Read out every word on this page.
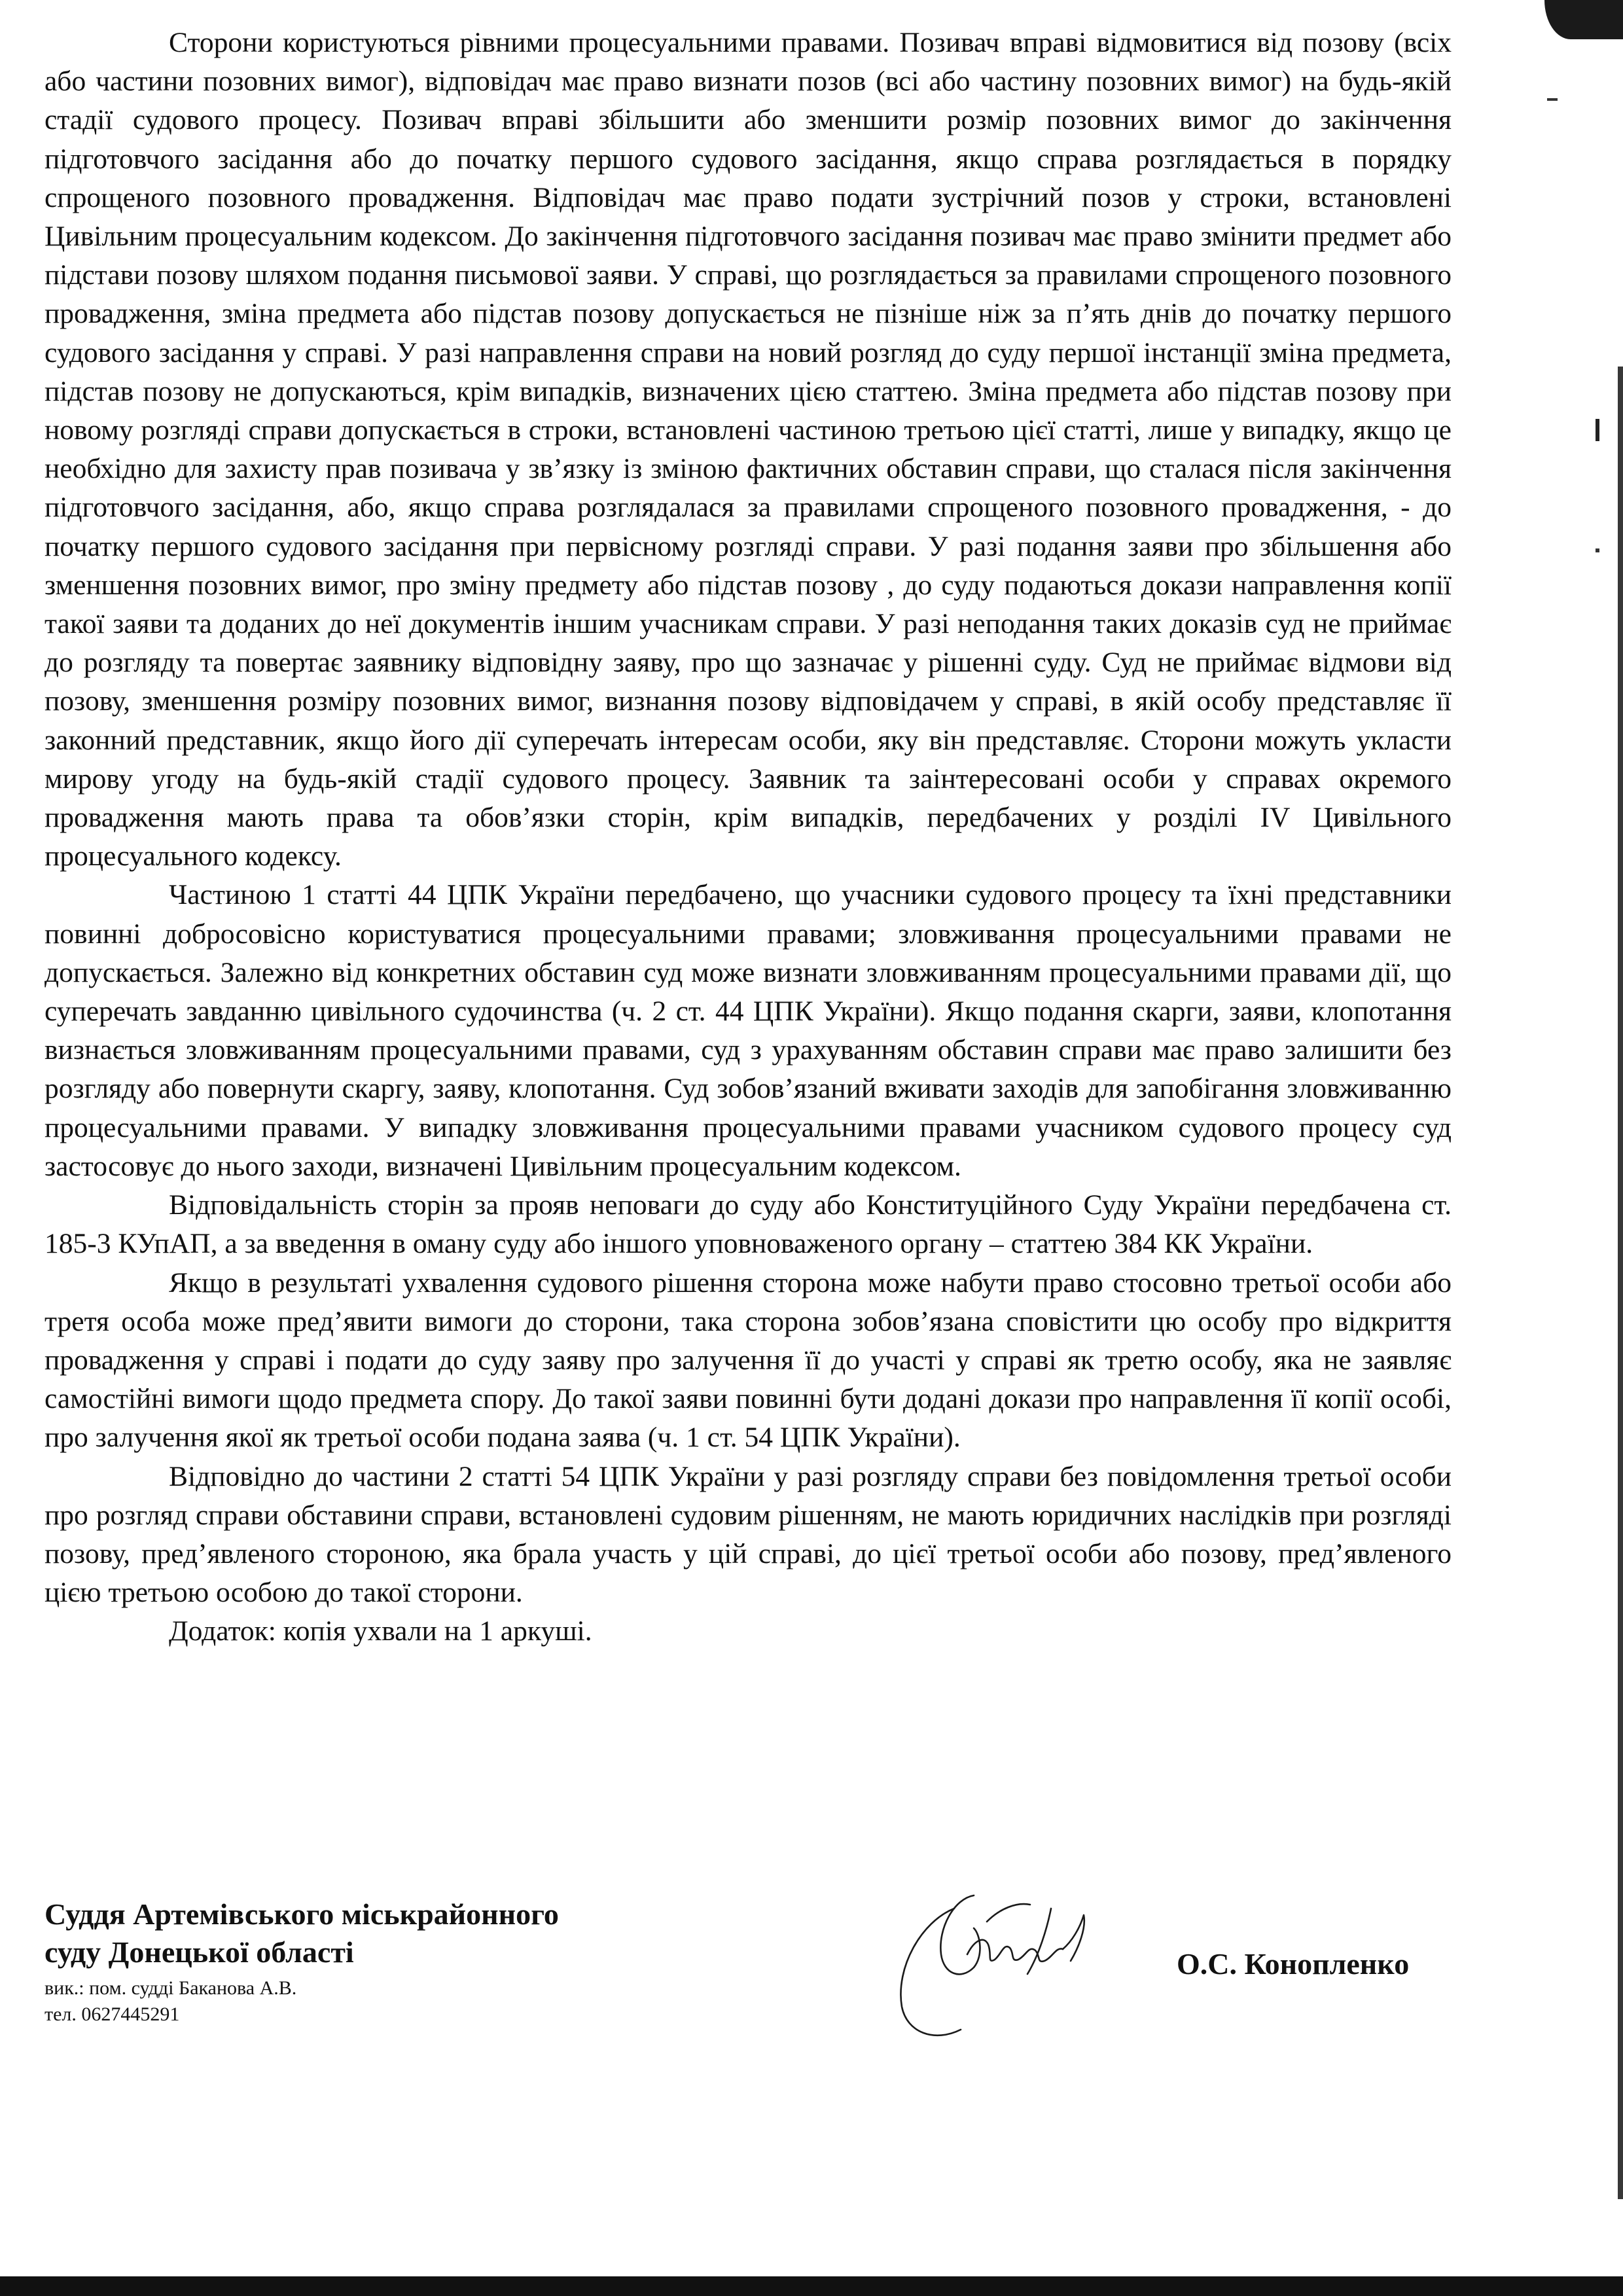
Сторони користуються рівними процесуальними правами. Позивач вправі відмовитися від позову (всіх або частини позовних вимог), відповідач має право визнати позов (всі або частину позовних вимог) на будь-якій стадії судового процесу. Позивач вправі збільшити або зменшити розмір позовних вимог до закінчення підготовчого засідання або до початку першого судового засідання, якщо справа розглядається в порядку спрощеного позовного провадження. Відповідач має право подати зустрічний позов у строки, встановлені Цивільним процесуальним кодексом. До закінчення підготовчого засідання позивач має право змінити предмет або підстави позову шляхом подання письмової заяви. У справі, що розглядається за правилами спрощеного позовного провадження, зміна предмета або підстав позову допускається не пізніше ніж за п’ять днів до початку першого судового засідання у справі. У разі направлення справи на новий розгляд до суду першої інстанції зміна предмета, підстав позову не допускаються, крім випадків, визначених цією статтею. Зміна предмета або підстав позову при новому розгляді справи допускається в строки, встановлені частиною третьою цієї статті, лише у випадку, якщо це необхідно для захисту прав позивача у зв’язку із зміною фактичних обставин справи, що сталася після закінчення підготовчого засідання, або, якщо справа розглядалася за правилами спрощеного позовного провадження, - до початку першого судового засідання при первісному розгляді справи. У разі подання заяви про збільшення або зменшення позовних вимог, про зміну предмету або підстав позову , до суду подаються докази направлення копії такої заяви та доданих до неї документів іншим учасникам справи. У разі неподання таких доказів суд не приймає до розгляду та повертає заявнику відповідну заяву, про що зазначає у рішенні суду. Суд не приймає відмови від позову, зменшення розміру позовних вимог, визнання позову відповідачем у справі, в якій особу представляє її законний представник, якщо його дії суперечать інтересам особи, яку він представляє. Сторони можуть укласти мирову угоду на будь-якій стадії судового процесу. Заявник та заінтересовані особи у справах окремого провадження мають права та обов’язки сторін, крім випадків, передбачених у розділі IV Цивільного процесуального кодексу.

Частиною 1 статті 44 ЦПК України передбачено, що учасники судового процесу та їхні представники повинні добросовісно користуватися процесуальними правами; зловживання процесуальними правами не допускається. Залежно від конкретних обставин суд може визнати зловживанням процесуальними правами дії, що суперечать завданню цивільного судочинства (ч. 2 ст. 44 ЦПК України). Якщо подання скарги, заяви, клопотання визнається зловживанням процесуальними правами, суд з урахуванням обставин справи має право залишити без розгляду або повернути скаргу, заяву, клопотання. Суд зобов’язаний вживати заходів для запобігання зловживанню процесуальними правами. У випадку зловживання процесуальними правами учасником судового процесу суд застосовує до нього заходи, визначені Цивільним процесуальним кодексом.

Відповідальність сторін за прояв неповаги до суду або Конституційного Суду України передбачена ст. 185-3 КУпАП, а за введення в оману суду або іншого уповноваженого органу – статтею 384 КК України.

Якщо в результаті ухвалення судового рішення сторона може набути право стосовно третьої особи або третя особа може пред’явити вимоги до сторони, така сторона зобов’язана сповістити цю особу про відкриття провадження у справі і подати до суду заяву про залучення її до участі у справі як третю особу, яка не заявляє самостійні вимоги щодо предмета спору. До такої заяви повинні бути додані докази про направлення її копії особі, про залучення якої як третьої особи подана заява (ч. 1 ст. 54 ЦПК України).

Відповідно до частини 2 статті 54 ЦПК України у разі розгляду справи без повідомлення третьої особи про розгляд справи обставини справи, встановлені судовим рішенням, не мають юридичних наслідків при розгляді позову, пред’явленого стороною, яка брала участь у цій справі, до цієї третьої особи або позову, пред’явленого цією третьою особою до такої сторони.

Додаток: копія ухвали на 1 аркуші.

Суддя Артемівського міськрайонного
суду Донецької області
вик.: пом. судді Баканова А.В.
тел. 0627445291
О.С. Конопленко
